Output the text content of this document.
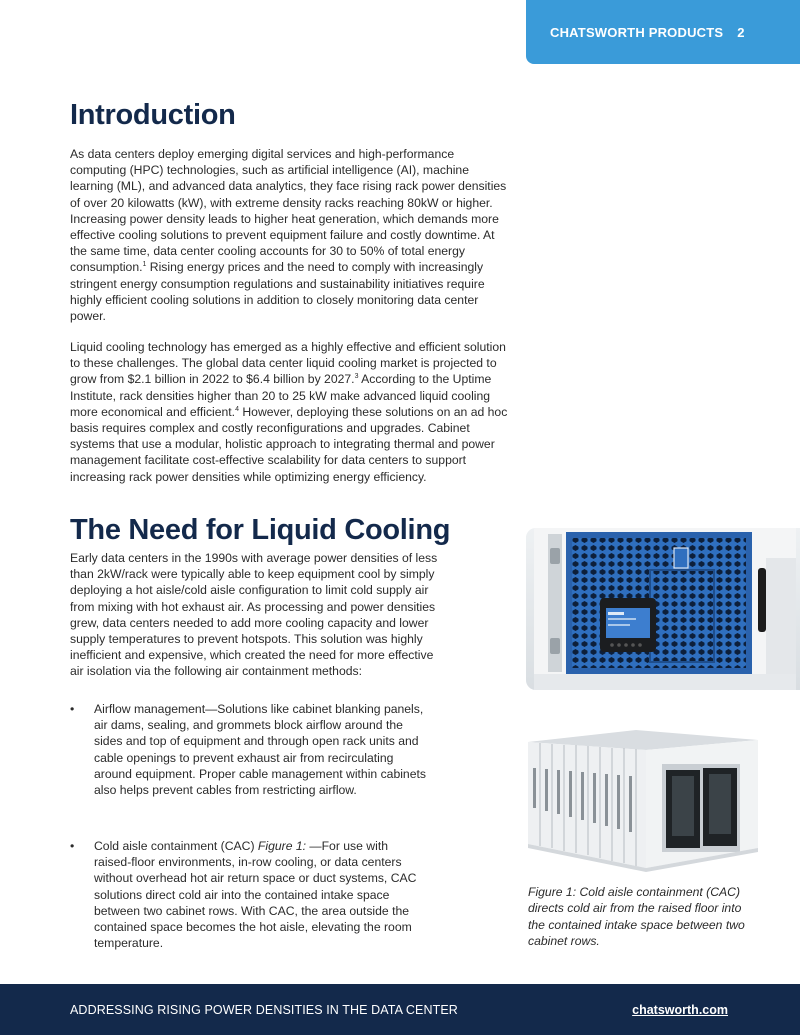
CHATSWORTH PRODUCTS 2
Introduction

As data centers deploy emerging digital services and high-performance computing (HPC) technologies, such as artificial intelligence (AI), machine learning (ML), and advanced data analytics, they face rising rack power densities of over 20 kilowatts (kW), with extreme density racks reaching 80kW or higher. Increasing power density leads to higher heat generation, which demands more effective cooling solutions to prevent equipment failure and costly downtime. At the same time, data center cooling accounts for 30 to 50% of total energy consumption.$^1$ Rising energy prices and the need to comply with increasingly stringent energy consumption regulations and sustainability initiatives require highly efficient cooling solutions in addition to closely monitoring data center power.

Liquid cooling technology has emerged as a highly effective and efficient solution to these challenges. The global data center liquid cooling market is projected to grow from $2.1 billion in 2022 to $6.4 billion by 2027.$^3$ According to the Uptime Institute, rack densities higher than 20 to 25 kW make advanced liquid cooling more economical and efficient.$^4$ However, deploying these solutions on an ad hoc basis requires complex and costly reconfigurations and upgrades. Cabinet systems that use a modular, holistic approach to integrating thermal and power management facilitate cost-effective scalability for data centers to support increasing rack power densities while optimizing energy efficiency.

The Need for Liquid Cooling

Early data centers in the 1990s with average power densities of less than 2kW/rack were typically able to keep equipment cool by simply deploying a hot aisle/cold aisle configuration to limit cold supply air from mixing with hot exhaust air. As processing and power densities grew, data centers needed to add more cooling capacity and lower supply temperatures to prevent hotspots. This solution was highly inefficient and expensive, which created the need for more effective air isolation via the following air containment methods:

• Airflow management—Solutions like cabinet blanking panels, air dams, sealing, and grommets block airflow around the sides and top of equipment and through open rack units and cable openings to prevent exhaust air from recirculating around equipment. Proper cable management within cabinets also helps prevent cables from restricting airflow.
• Cold aisle containment (CAC) Figure 1: —For use with raised-floor environments, in-row cooling, or data centers without overhead hot air return space or duct systems, CAC solutions direct cold air into the contained intake space between two cabinet rows. With CAC, the area outside the contained space becomes the hot aisle, elevating the room temperature.

Figure 1: Cold aisle containment (CAC) directs cold air from the raised floor into the contained intake space between two cabinet rows.

ADDRESSING RISING POWER DENSITIES IN THE DATA CENTER	chatsworth.com
